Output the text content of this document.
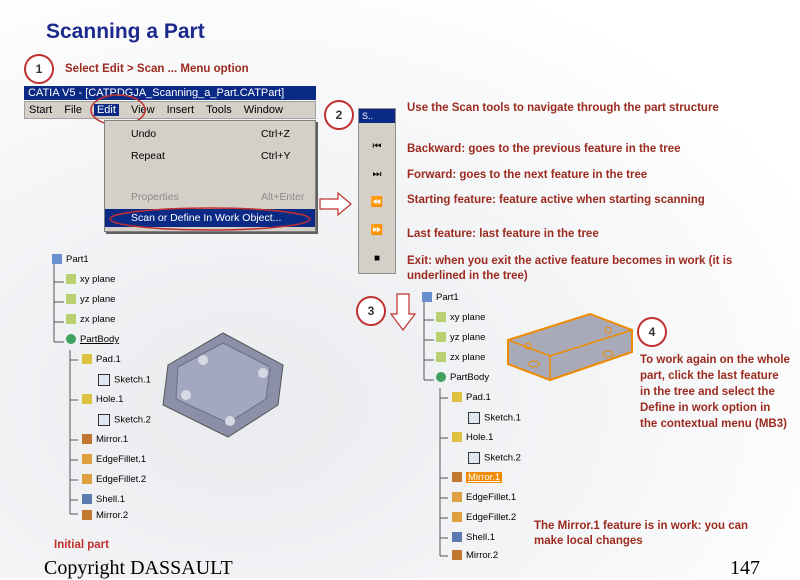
Scanning a Part
1	Select Edit > Scan ... Menu option
CATIA V5 - [CATPDGJA_Scanning_a_Part.CATPart]
Start File Edit View Insert Tools Window
Undo	Ctrl+Z
Repeat	Ctrl+Y
Properties	Alt+Enter
Scan or Define In Work Object...
2	S..
⏮
⏭
⏪
⏩
■
Use the Scan tools to navigate through the part structure
Backward: goes to the previous feature in the tree
Forward: goes to the next feature in the tree
Starting feature: feature active when starting scanning
Last feature: last feature in the tree
Exit: when you exit the active feature becomes in work (it is underlined in the tree)
Part1
xy plane
yz plane
zx plane
PartBody
Pad.1
Sketch.1
Hole.1
Sketch.2
Mirror.1
EdgeFillet.1
EdgeFillet.2
Shell.1
Mirror.2
Initial part
3
Part1
xy plane
yz plane
zx plane
PartBody
Pad.1
Sketch.1
Hole.1
Sketch.2
Mirror.1
EdgeFillet.1
EdgeFillet.2
Shell.1
Mirror.2
4
To work again on the whole part, click the last feature in the tree and select the Define in work option in the contextual menu (MB3)
The Mirror.1 feature is in work: you can make local changes
Copyright DASSAULT	147
